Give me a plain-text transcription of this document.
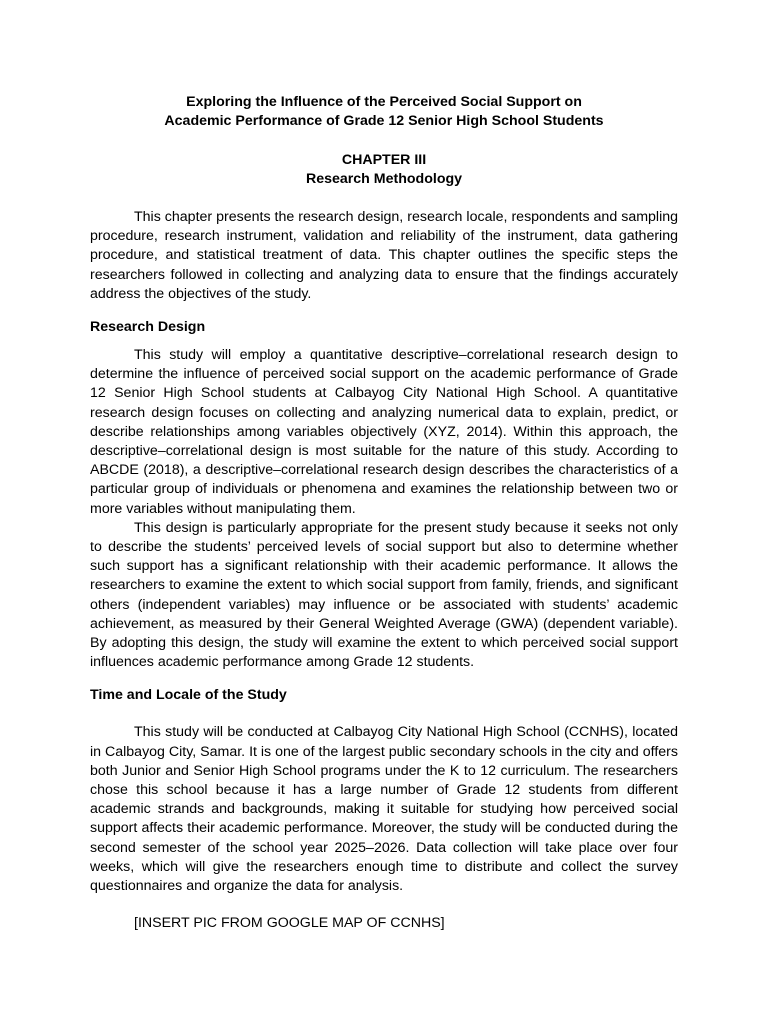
Exploring the Influence of the Perceived Social Support on
Academic Performance of Grade 12 Senior High School Students

CHAPTER III
Research Methodology

This chapter presents the research design, research locale, respondents and sampling procedure, research instrument, validation and reliability of the instrument, data gathering procedure, and statistical treatment of data. This chapter outlines the specific steps the researchers followed in collecting and analyzing data to ensure that the findings accurately address the objectives of the study.

Research Design

This study will employ a quantitative descriptive–correlational research design to determine the influence of perceived social support on the academic performance of Grade 12 Senior High School students at Calbayog City National High School. A quantitative research design focuses on collecting and analyzing numerical data to explain, predict, or describe relationships among variables objectively (XYZ, 2014). Within this approach, the descriptive–correlational design is most suitable for the nature of this study. According to ABCDE (2018), a descriptive–correlational research design describes the characteristics of a particular group of individuals or phenomena and examines the relationship between two or more variables without manipulating them.

This design is particularly appropriate for the present study because it seeks not only to describe the students’ perceived levels of social support but also to determine whether such support has a significant relationship with their academic performance. It allows the researchers to examine the extent to which social support from family, friends, and significant others (independent variables) may influence or be associated with students’ academic achievement, as measured by their General Weighted Average (GWA) (dependent variable). By adopting this design, the study will examine the extent to which perceived social support influences academic performance among Grade 12 students.

Time and Locale of the Study

This study will be conducted at Calbayog City National High School (CCNHS), located in Calbayog City, Samar. It is one of the largest public secondary schools in the city and offers both Junior and Senior High School programs under the K to 12 curriculum. The researchers chose this school because it has a large number of Grade 12 students from different academic strands and backgrounds, making it suitable for studying how perceived social support affects their academic performance. Moreover, the study will be conducted during the second semester of the school year 2025–2026. Data collection will take place over four weeks, which will give the researchers enough time to distribute and collect the survey questionnaires and organize the data for analysis.

[INSERT PIC FROM GOOGLE MAP OF CCNHS]
